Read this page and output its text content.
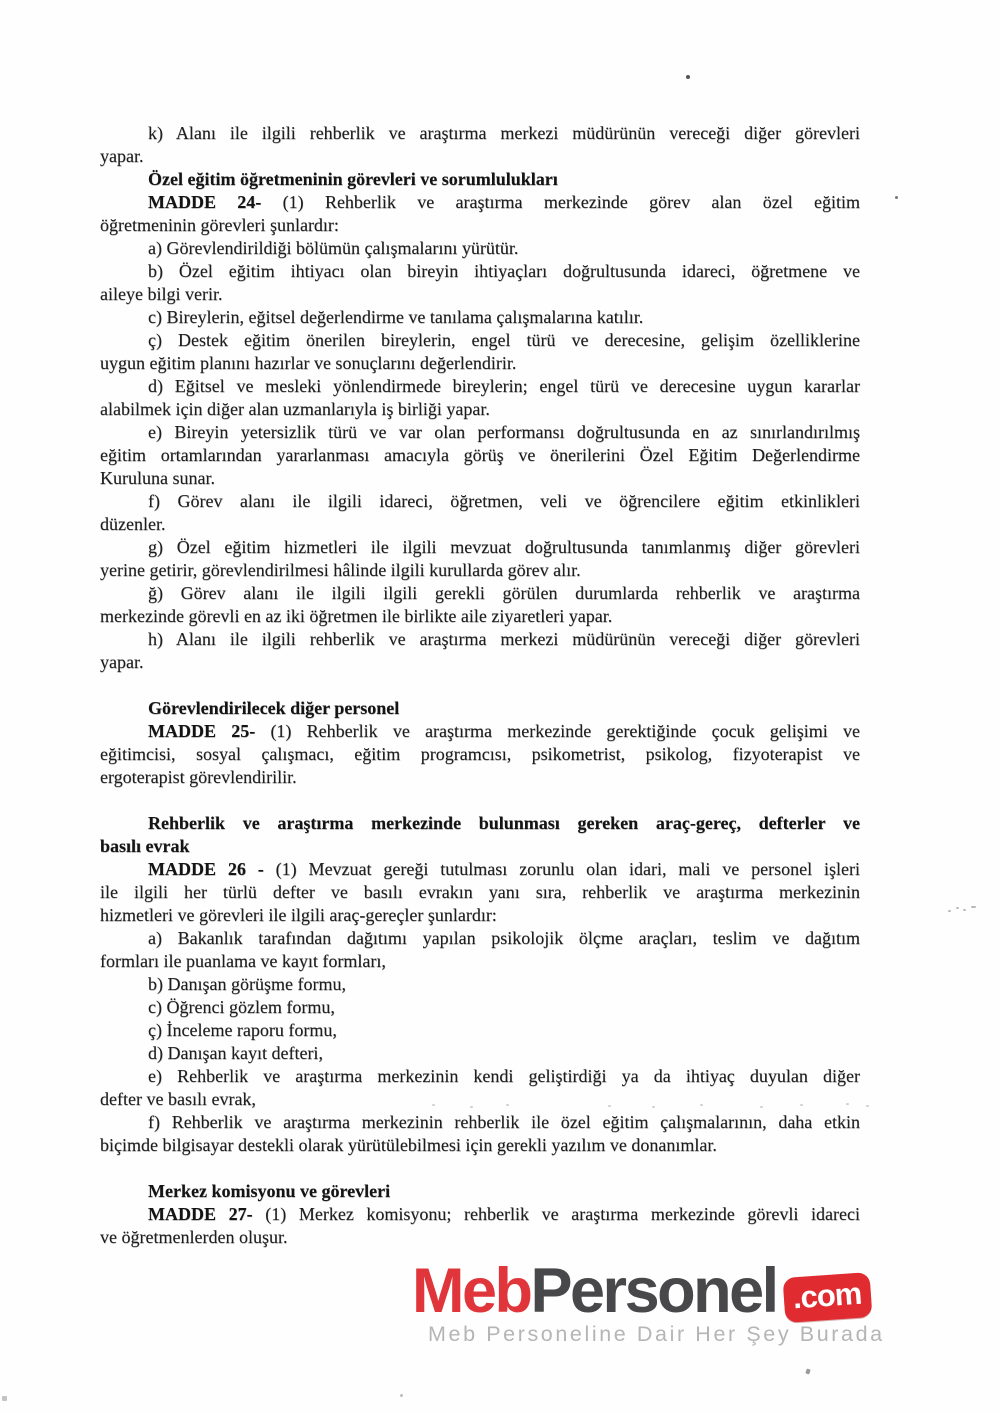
k) Alanı ile ilgili rehberlik ve araştırma merkezi müdürünün vereceği diğer görevleri
yapar.
Özel eğitim öğretmeninin görevleri ve sorumlulukları
MADDE 24- (1) Rehberlik ve araştırma merkezinde görev alan özel eğitim
öğretmeninin görevleri şunlardır:
a) Görevlendirildiği bölümün çalışmalarını yürütür.
b) Özel eğitim ihtiyacı olan bireyin ihtiyaçları doğrultusunda idareci, öğretmene ve
aileye bilgi verir.
c) Bireylerin, eğitsel değerlendirme ve tanılama çalışmalarına katılır.
ç) Destek eğitim önerilen bireylerin, engel türü ve derecesine, gelişim özelliklerine
uygun eğitim planını hazırlar ve sonuçlarını değerlendirir.
d) Eğitsel ve mesleki yönlendirmede bireylerin; engel türü ve derecesine uygun kararlar
alabilmek için diğer alan uzmanlarıyla iş birliği yapar.
e) Bireyin yetersizlik türü ve var olan performansı doğrultusunda en az sınırlandırılmış
eğitim ortamlarından yararlanması amacıyla görüş ve önerilerini Özel Eğitim Değerlendirme
Kuruluna sunar.
f) Görev alanı ile ilgili idareci, öğretmen, veli ve öğrencilere eğitim etkinlikleri
düzenler.
g) Özel eğitim hizmetleri ile ilgili mevzuat doğrultusunda tanımlanmış diğer görevleri
yerine getirir, görevlendirilmesi hâlinde ilgili kurullarda görev alır.
ğ) Görev alanı ile ilgili ilgili gerekli görülen durumlarda rehberlik ve araştırma
merkezinde görevli en az iki öğretmen ile birlikte aile ziyaretleri yapar.
h) Alanı ile ilgili rehberlik ve araştırma merkezi müdürünün vereceği diğer görevleri
yapar.
Görevlendirilecek diğer personel
MADDE 25- (1) Rehberlik ve araştırma merkezinde gerektiğinde çocuk gelişimi ve
eğitimcisi, sosyal çalışmacı, eğitim programcısı, psikometrist, psikolog, fizyoterapist ve
ergoterapist görevlendirilir.
Rehberlik ve araştırma merkezinde bulunması gereken araç-gereç, defterler ve
basılı evrak
MADDE 26 - (1) Mevzuat gereği tutulması zorunlu olan idari, mali ve personel işleri
ile ilgili her türlü defter ve basılı evrakın yanı sıra, rehberlik ve araştırma merkezinin
hizmetleri ve görevleri ile ilgili araç-gereçler şunlardır:
a) Bakanlık tarafından dağıtımı yapılan psikolojik ölçme araçları, teslim ve dağıtım
formları ile puanlama ve kayıt formları,
b) Danışan görüşme formu,
c) Öğrenci gözlem formu,
ç) İnceleme raporu formu,
d) Danışan kayıt defteri,
e) Rehberlik ve araştırma merkezinin kendi geliştirdiği ya da ihtiyaç duyulan diğer
defter ve basılı evrak,
f) Rehberlik ve araştırma merkezinin rehberlik ile özel eğitim çalışmalarının, daha etkin
biçimde bilgisayar destekli olarak yürütülebilmesi için gerekli yazılım ve donanımlar.
Merkez komisyonu ve görevleri
MADDE 27- (1) Merkez komisyonu; rehberlik ve araştırma merkezinde görevli idareci
ve öğretmenlerden oluşur.
Meb Personel .com
Meb Personeline Dair Her Şey Burada
